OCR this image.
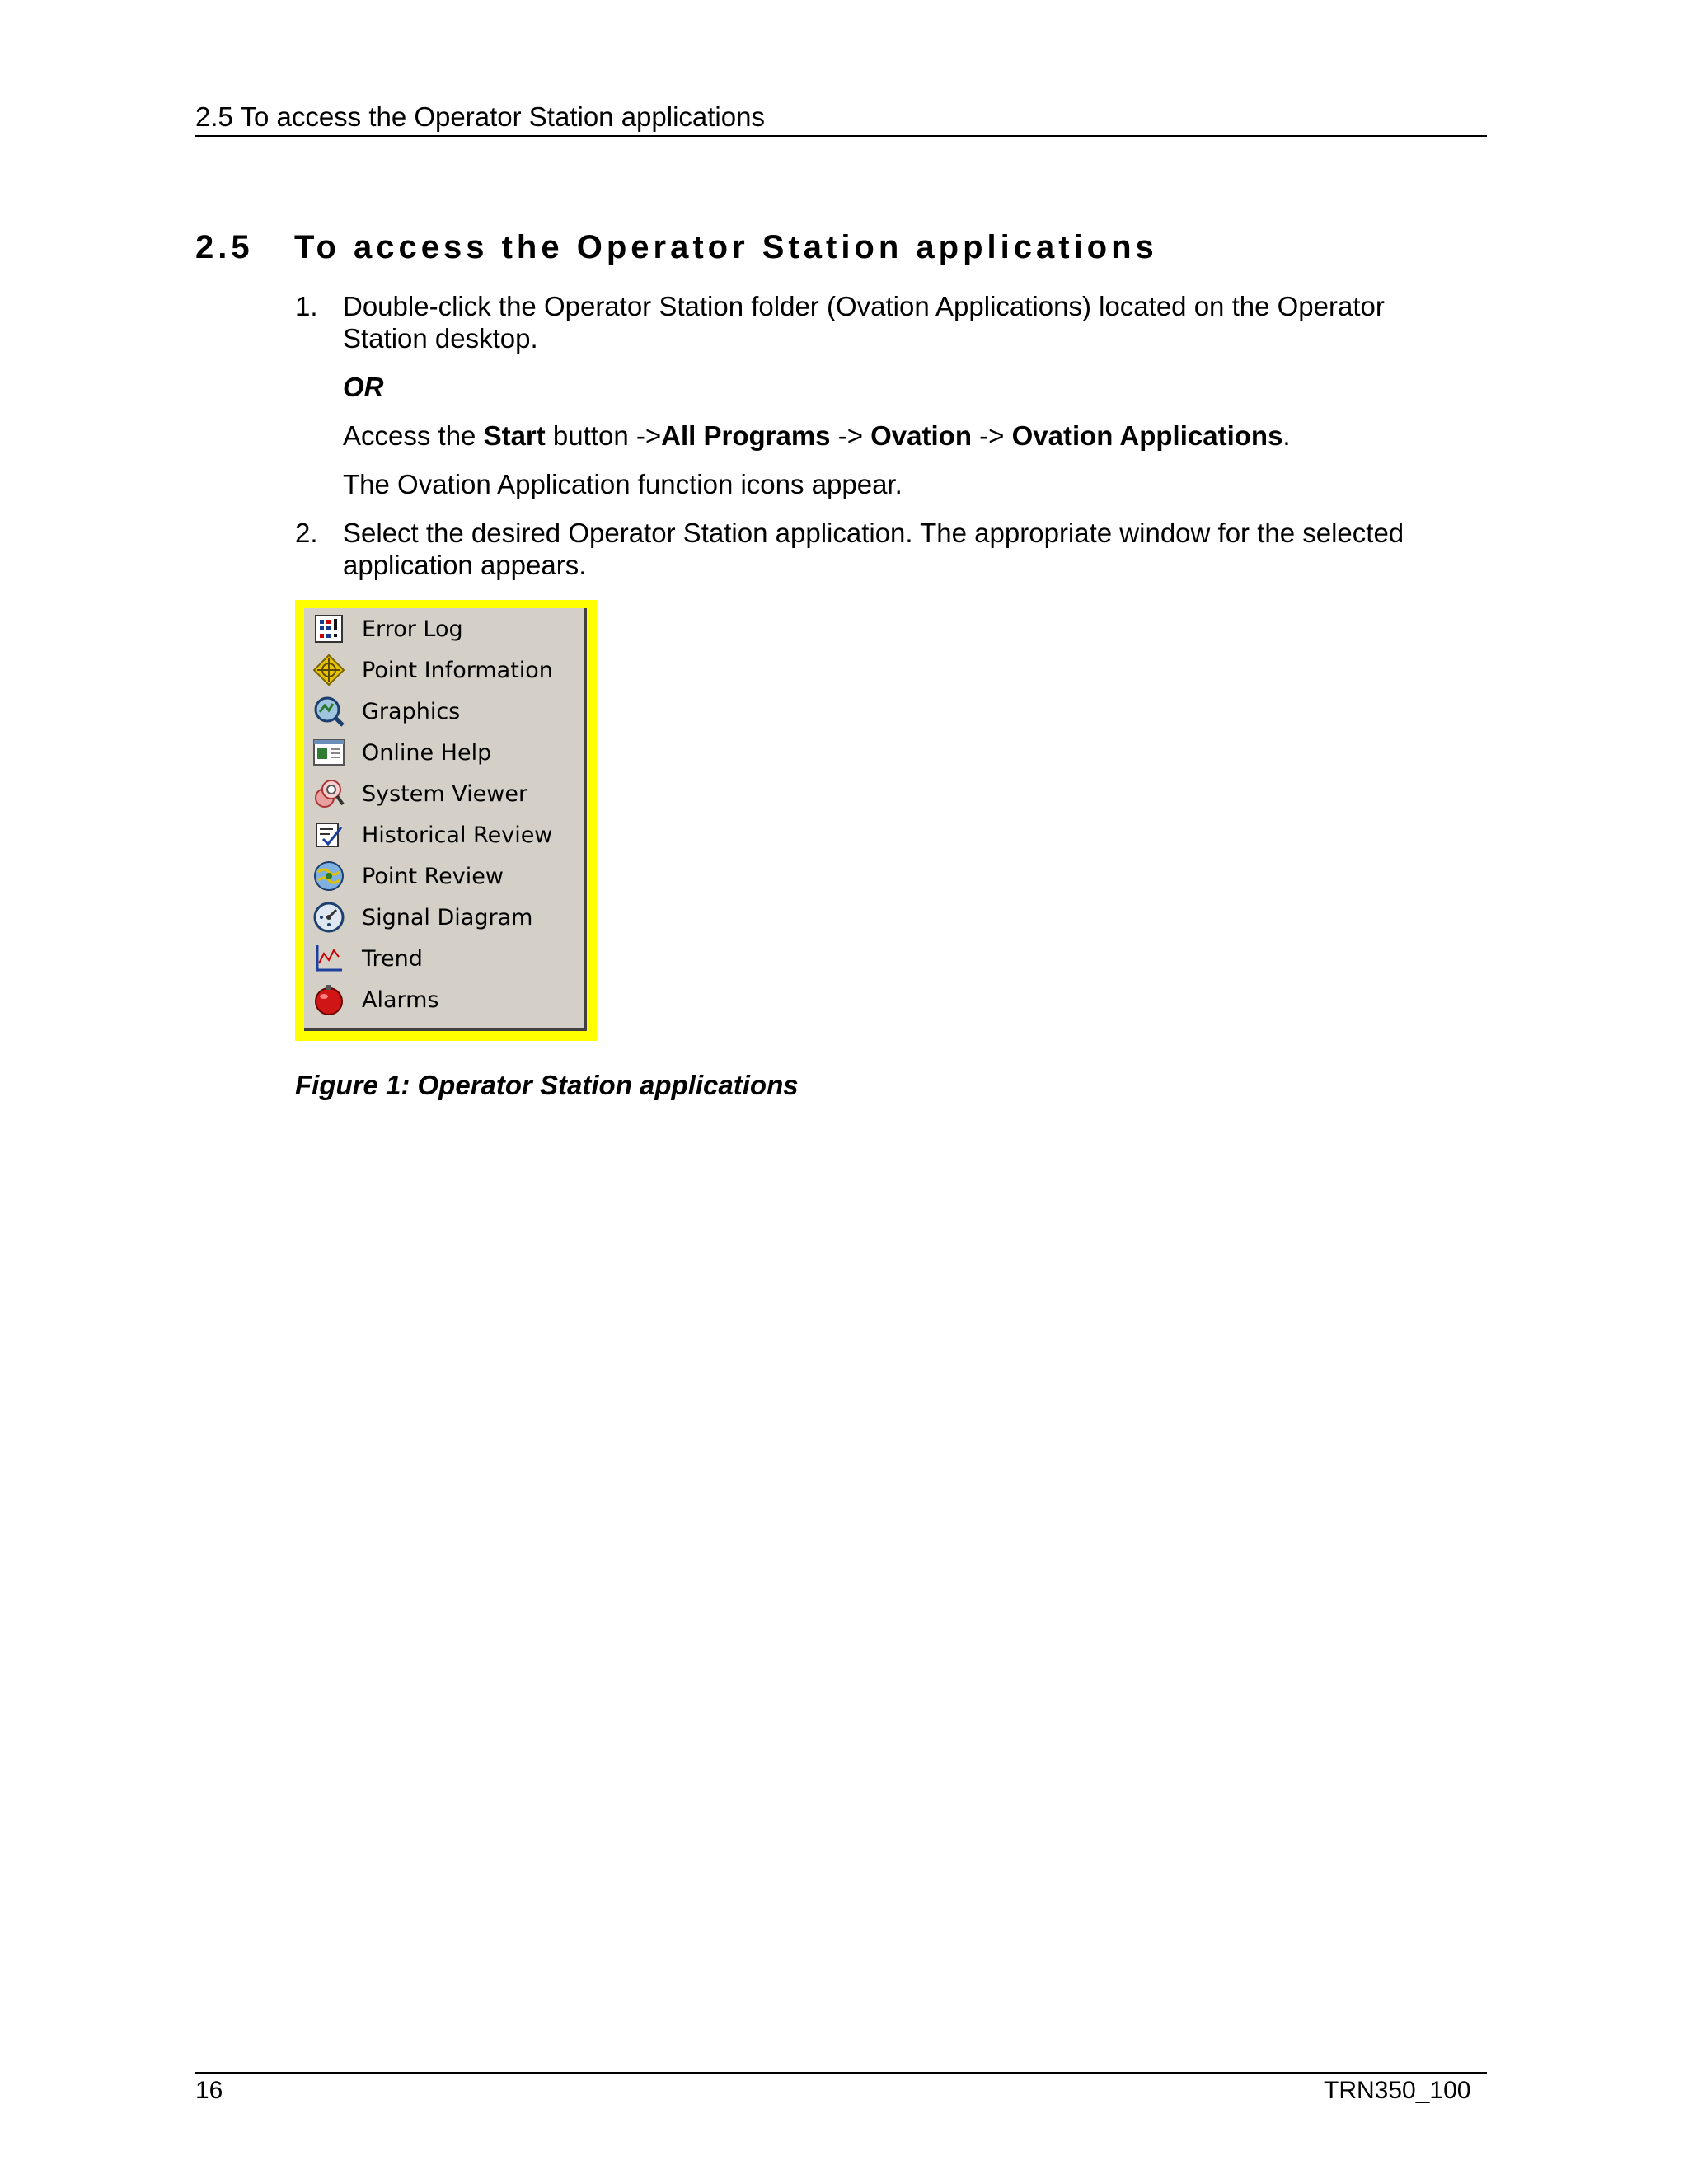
2.5 To access the Operator Station applications
2.5 To access the Operator Station applications
1. Double-click the Operator Station folder (Ovation Applications) located on the Operator Station desktop.
OR
Access the Start button ->All Programs -> Ovation -> Ovation Applications.
The Ovation Application function icons appear.
2. Select the desired Operator Station application. The appropriate window for the selected application appears.
Error Log
Point Information
Graphics
Online Help
System Viewer
Historical Review
Point Review
Signal Diagram
Trend
Alarms
Figure 1: Operator Station applications
16	TRN350_100
